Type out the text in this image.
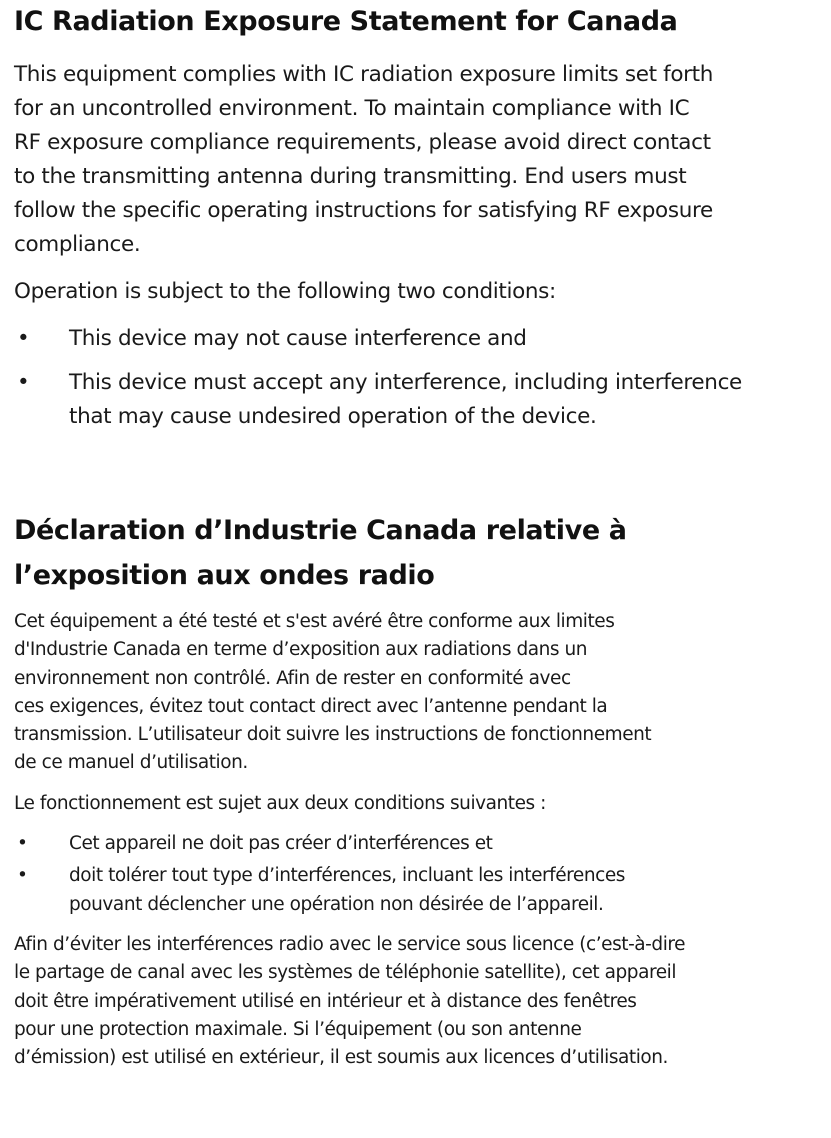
IC Radiation Exposure Statement for Canada

This equipment complies with IC radiation exposure limits set forth
for an uncontrolled environment. To maintain compliance with IC
RF exposure compliance requirements, please avoid direct contact
to the transmitting antenna during transmitting. End users must
follow the specific operating instructions for satisfying RF exposure
compliance.

Operation is subject to the following two conditions:

• This device may not cause interference and
• This device must accept any interference, including interference
that may cause undesired operation of the device.
Déclaration d’Industrie Canada relative à
l’exposition aux ondes radio

Cet équipement a été testé et s'est avéré être conforme aux limites
d'Industrie Canada en terme d’exposition aux radiations dans un
environnement non contrôlé. Afin de rester en conformité avec
ces exigences, évitez tout contact direct avec l’antenne pendant la
transmission. L’utilisateur doit suivre les instructions de fonctionnement
de ce manuel d’utilisation.

Le fonctionnement est sujet aux deux conditions suivantes :

• Cet appareil ne doit pas créer d’interférences et
• doit tolérer tout type d’interférences, incluant les interférences
pouvant déclencher une opération non désirée de l’appareil.

Afin d’éviter les interférences radio avec le service sous licence (c’est-à-dire
le partage de canal avec les systèmes de téléphonie satellite), cet appareil
doit être impérativement utilisé en intérieur et à distance des fenêtres
pour une protection maximale. Si l’équipement (ou son antenne
d’émission) est utilisé en extérieur, il est soumis aux licences d’utilisation.
